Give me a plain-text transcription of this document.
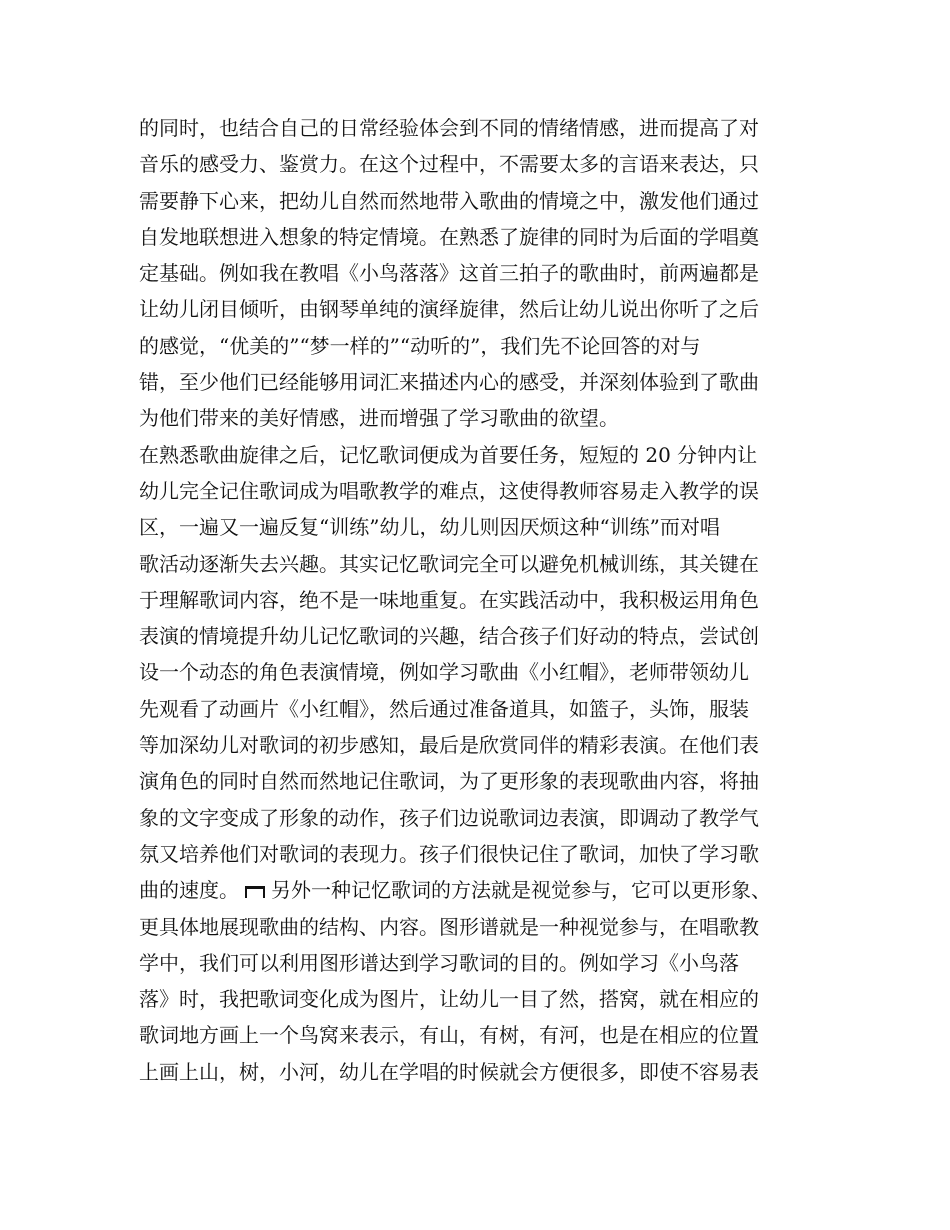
的同时，也结合自己的日常经验体会到不同的情绪情感，进而提高了对

音乐的感受力、鉴赏力。在这个过程中，不需要太多的言语来表达，只

需要静下心来，把幼儿自然而然地带入歌曲的情境之中，激发他们通过

自发地联想进入想象的特定情境。在熟悉了旋律的同时为后面的学唱奠

定基础。例如我在教唱《小鸟落落》这首三拍子的歌曲时，前两遍都是

让幼儿闭目倾听，由钢琴单纯的演绎旋律，然后让幼儿说出你听了之后

的感觉，“优美的”“梦一样的”“动听的”，我们先不论回答的对与

错，至少他们已经能够用词汇来描述内心的感受，并深刻体验到了歌曲

为他们带来的美好情感，进而增强了学习歌曲的欲望。

在熟悉歌曲旋律之后，记忆歌词便成为首要任务，短短的 20 分钟内让

幼儿完全记住歌词成为唱歌教学的难点，这使得教师容易走入教学的误

区，一遍又一遍反复“训练”幼儿，幼儿则因厌烦这种“训练”而对唱

歌活动逐渐失去兴趣。其实记忆歌词完全可以避免机械训练，其关键在

于理解歌词内容，绝不是一味地重复。在实践活动中，我积极运用角色

表演的情境提升幼儿记忆歌词的兴趣，结合孩子们好动的特点，尝试创

设一个动态的角色表演情境，例如学习歌曲《小红帽》，老师带领幼儿

先观看了动画片《小红帽》，然后通过准备道具，如篮子，头饰，服装

等加深幼儿对歌词的初步感知，最后是欣赏同伴的精彩表演。在他们表

演角色的同时自然而然地记住歌词，为了更形象的表现歌曲内容，将抽

象的文字变成了形象的动作，孩子们边说歌词边表演，即调动了教学气

氛又培养他们对歌词的表现力。孩子们很快记住了歌词，加快了学习歌

曲的速度。 另外一种记忆歌词的方法就是视觉参与，它可以更形象、

更具体地展现歌曲的结构、内容。图形谱就是一种视觉参与，在唱歌教

学中，我们可以利用图形谱达到学习歌词的目的。例如学习《小鸟落

落》时，我把歌词变化成为图片，让幼儿一目了然，搭窝，就在相应的

歌词地方画上一个鸟窝来表示，有山，有树，有河，也是在相应的位置

上画上山，树，小河，幼儿在学唱的时候就会方便很多，即使不容易表
